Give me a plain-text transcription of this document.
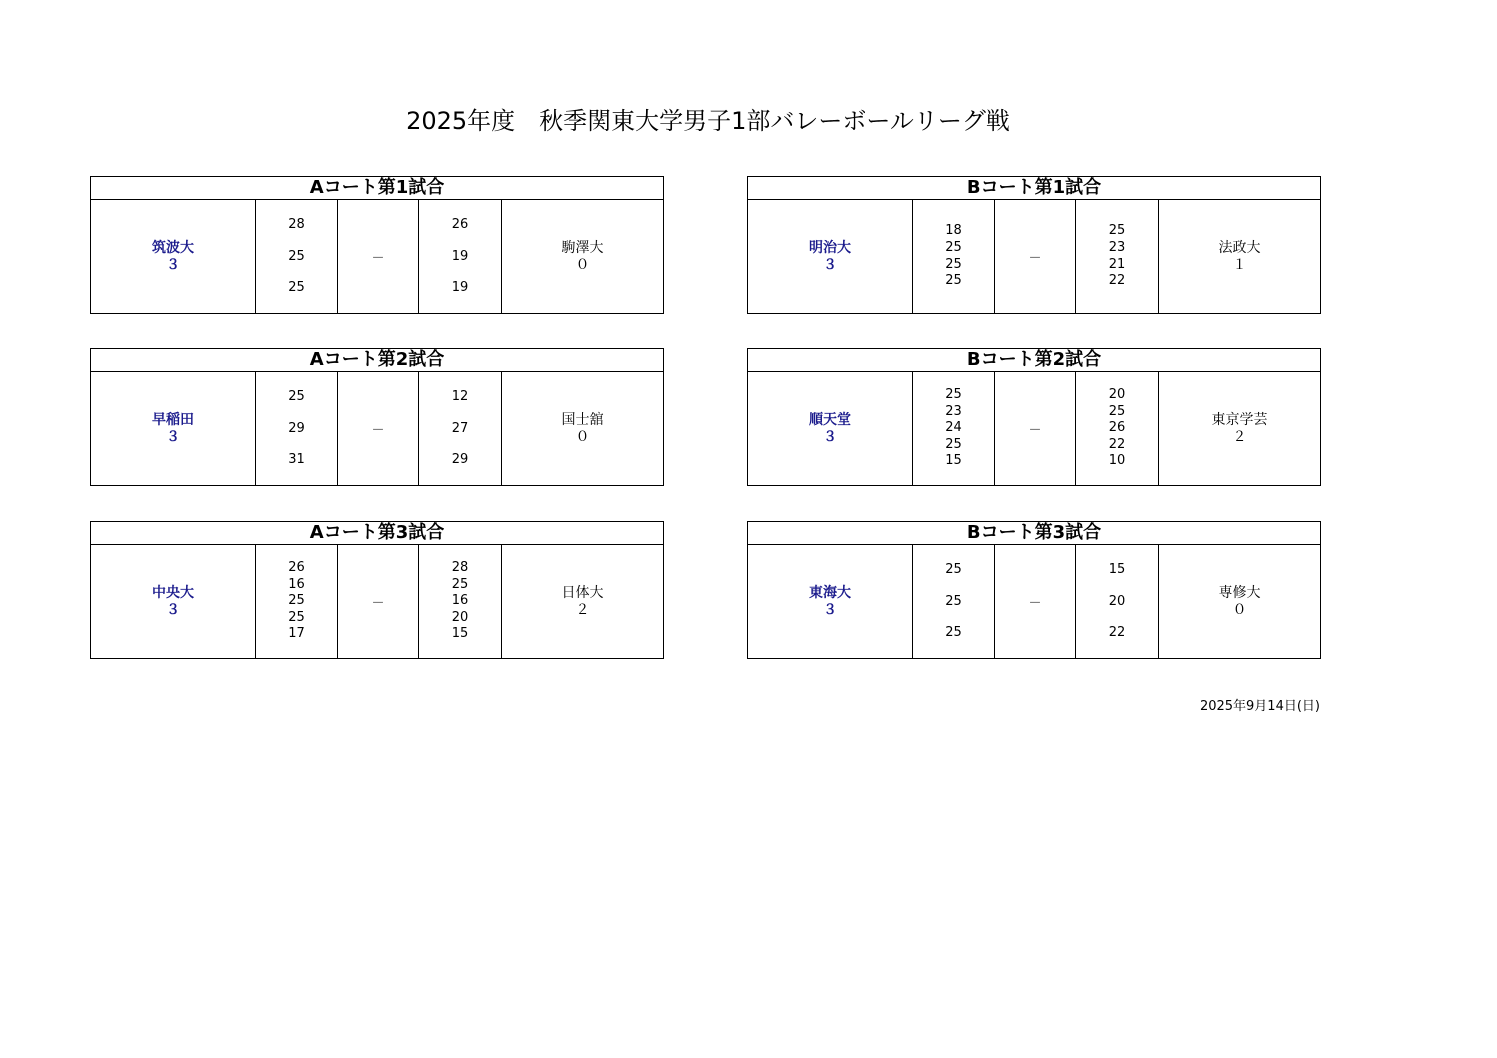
2025年度　秋季関東大学男子1部バレーボールリーグ戦
Aコート第1試合
筑波大
３
28
25
25
－
26
19
19
駒澤大
０
Bコート第1試合
明治大
３
18
25
25
25
－
25
23
21
22
法政大
１
Aコート第2試合
早稲田
３
25
29
31
－
12
27
29
国士舘
０
Bコート第2試合
順天堂
３
25
23
24
25
15
－
20
25
26
22
10
東京学芸
２
Aコート第3試合
中央大
３
26
16
25
25
17
－
28
25
16
20
15
日体大
２
Bコート第3試合
東海大
３
25
25
25
－
15
20
22
専修大
０
2025年9月14日(日)
